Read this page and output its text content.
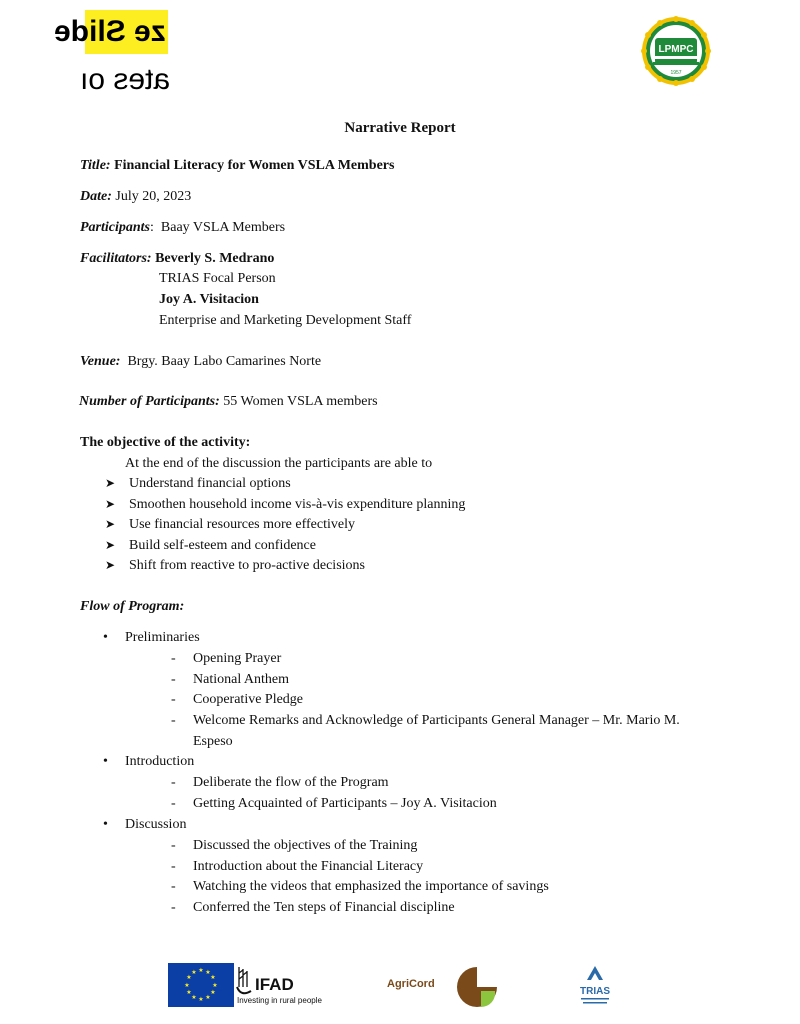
ze Slide
ates oı
LPMPC
1957
Narrative Report
Title: Financial Literacy for Women VSLA Members
Date: July 20, 2023
Participants: Baay VSLA Members
Facilitators: Beverly S. Medrano
TRIAS Focal Person
Joy A. Visitacion
Enterprise and Marketing Development Staff
Venue: Brgy. Baay Labo Camarines Norte
Number of Participants: 55 Women VSLA members
The objective of the activity:
At the end of the discussion the participants are able to
➤ Understand financial options
➤ Smoothen household income vis-à-vis expenditure planning
➤ Use financial resources more effectively
➤ Build self-esteem and confidence
➤ Shift from reactive to pro-active decisions
Flow of Program:
• Preliminaries
- Opening Prayer
- National Anthem
- Cooperative Pledge
- Welcome Remarks and Acknowledge of Participants General Manager – Mr. Mario M.
Espeso
• Introduction
- Deliberate the flow of the Program
- Getting Acquainted of Participants – Joy A. Visitacion
• Discussion
- Discussed the objectives of the Training
- Introduction about the Financial Literacy
- Watching the videos that emphasized the importance of savings
- Conferred the Ten steps of Financial discipline
★ ★
★
★
★
★
★
★
★
★
★
★
IFAD
Investing in rural people
AgriCord
TRIAS
